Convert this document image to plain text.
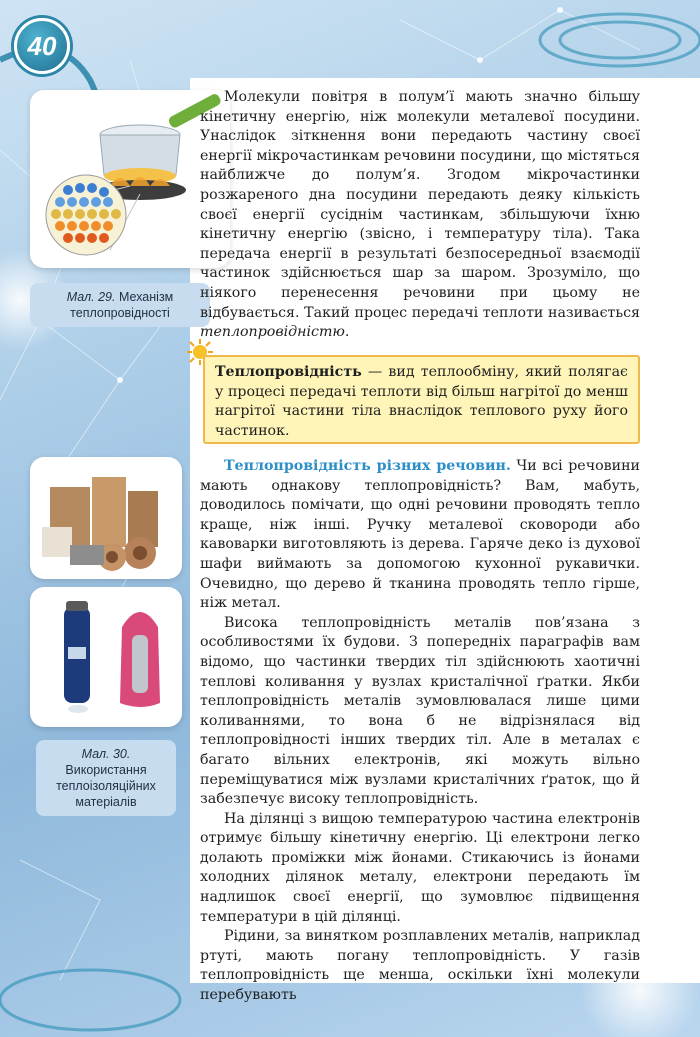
40
Мал. 29. Механізм теплопровідності

Молекули повітря в полум’ї мають значно більшу кінетичну енергію, ніж молекули металевої посудини. Унаслідок зіткнення вони передають частину своєї енергії мікрочастинкам речовини посудини, що містяться найближче до полум’я. Згодом мікрочастинки розжареного дна посудини передають деяку кількість своєї енергії сусіднім частинкам, збільшуючи їхню кінетичну енергію (звісно, і температуру тіла). Така передача енергії в результаті безпосередньої взаємодії частинок здійснюється шар за шаром. Зрозуміло, що ніякого перенесення речовини при цьому не відбувається. Такий процес передачі теплоти називається теплопровідністю.

Теплопровідність — вид теплообміну, який полягає у процесі передачі теплоти від більш нагрітої до менш нагрітої частини тіла внаслідок теплового руху його частинок.
Мал. 30.
Використання теплоізоляційних матеріалів

Теплопровідність різних речовин. Чи всі речовини мають однакову теплопровідність? Вам, мабуть, доводилось помічати, що одні речовини проводять тепло краще, ніж інші. Ручку металевої сковороди або кавоварки виготовляють із дерева. Гаряче деко із духової шафи виймають за допомогою кухонної рукавички. Очевидно, що дерево й тканина проводять тепло гірше, ніж метал.

Висока теплопровідність металів пов’язана з особливостями їх будови. З попередніх параграфів вам відомо, що частинки твердих тіл здійснюють хаотичні теплові коливання у вузлах кристалічної ґратки. Якби теплопровідність металів зумовлювалася лише цими коливаннями, то вона б не відрізнялася від теплопровідності інших твердих тіл. Але в металах є багато вільних електронів, які можуть вільно переміщуватися між вузлами кристалічних ґраток, що й забезпечує високу теплопровідність.

На ділянці з вищою температурою частина електронів отримує більшу кінетичну енергію. Ці електрони легко долають проміжки між йонами. Стикаючись із йонами холодних ділянок металу, електрони передають їм надлишок своєї енергії, що зумовлює підвищення температури в цій ділянці.

Рідини, за винятком розплавлених металів, наприклад ртуті, мають погану теплопровідність. У газів теплопровідність ще менша, оскільки їхні молекули перебувають
